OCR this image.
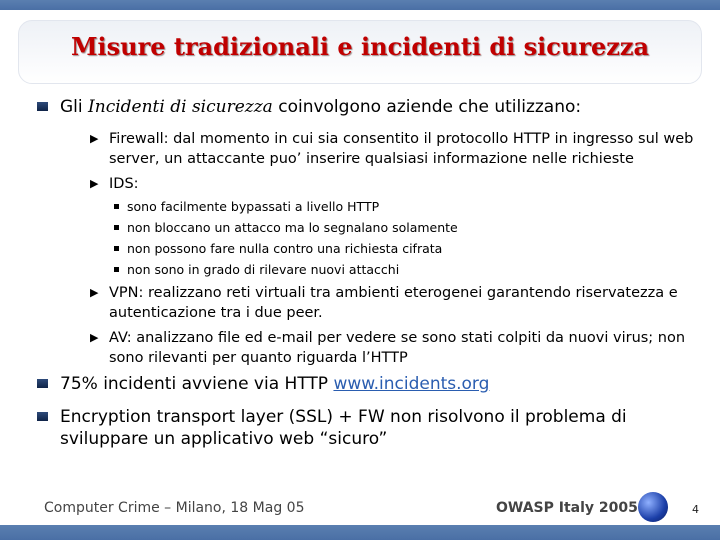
Misure tradizionali e incidenti di sicurezza
Gli Incidenti di sicurezza coinvolgono aziende che utilizzano:
▶ Firewall: dal momento in cui sia consentito il protocollo HTTP in ingresso sul web server, un attaccante puo’ inserire qualsiasi informazione nelle richieste
▶ IDS:
sono facilmente bypassati a livello HTTP
non bloccano un attacco ma lo segnalano solamente
non possono fare nulla contro una richiesta cifrata
non sono in grado di rilevare nuovi attacchi
▶ VPN: realizzano reti virtuali tra ambienti eterogenei garantendo riservatezza e autenticazione tra i due peer.
▶ AV: analizzano file ed e-mail per vedere se sono stati colpiti da nuovi virus; non sono rilevanti per quanto riguarda l’HTTP
75% incidenti avviene via HTTP www.incidents.org
Encryption transport layer (SSL) + FW non risolvono il problema di sviluppare un applicativo web “sicuro”
Computer Crime – Milano, 18 Mag 05	OWASP Italy 2005	4
